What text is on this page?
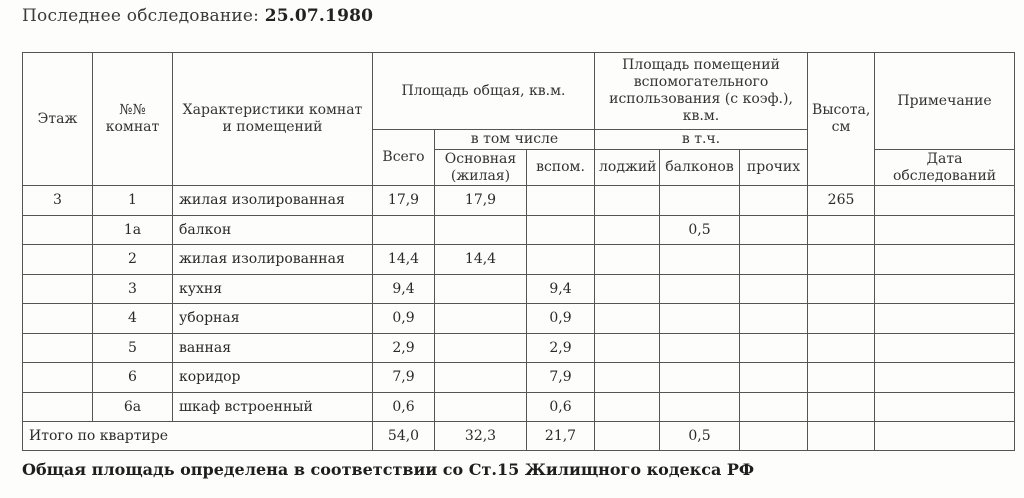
Последнее обследование: 25.07.1980
Этаж	№№ комнат	Характеристики комнат и помещений	Площадь общая, кв.м.			Площадь помещений вспомогательного использования (с коэф.), кв.м.			Высота, см	Примечание
			Всего	в том числе		в т.ч.				
				Основная (жилая)	вспом.	лоджий	балконов	прочих		Дата обследований
3	1	жилая изолированная	17,9	17,9					265	
	1а	балкон					0,5			
	2	жилая изолированная	14,4	14,4						
	3	кухня	9,4		9,4					
	4	уборная	0,9		0,9					
	5	ванная	2,9		2,9					
	6	коридор	7,9		7,9					
	6а	шкаф встроенный	0,6		0,6					
Итого по квартире			54,0	32,3	21,7		0,5			
Общая площадь определена в соответствии со Ст.15 Жилищного кодекса РФ
